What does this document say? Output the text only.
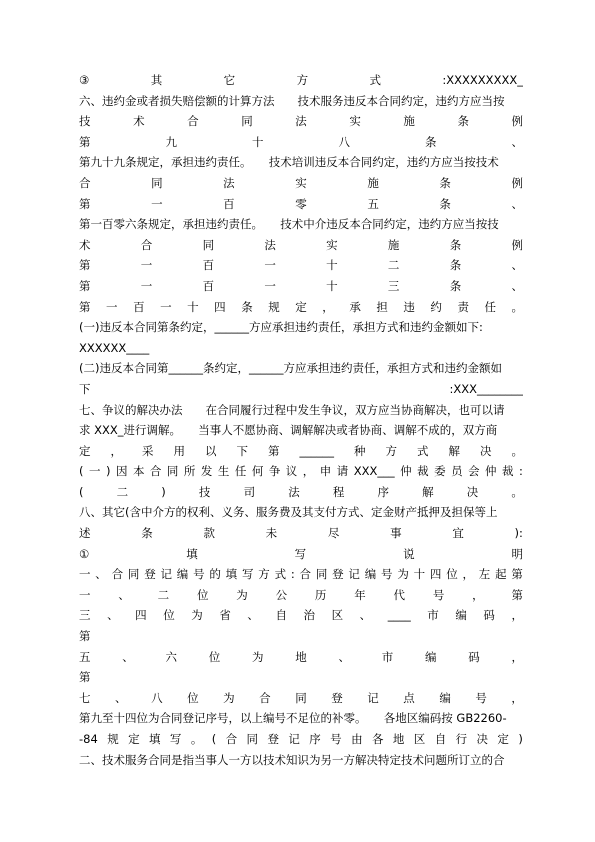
③	其	它	方	式	:XXXXXXXXX_
六、违约金或者损失赔偿额的计算方法　　技术服务违反本合同约定，违约方应当按
技	术	合	同	法	实	施	条	例
第	九	十	八	条	、
第九十九条规定，承担违约责任。　　技术培训违反本合同约定，违约方应当按技术
合	同	法	实	施	条	例
第	一	百	零	五	条	、
第一百零六条规定，承担违约责任。　　技术中介违反本合同约定，违约方应当按技
术	合	同	法	实	施	条	例
第	一	百	一	十	二	条	、
第	一	百	一	十	三	条	、
第 一 百 一 十 四 条 规 定 ， 承 担 违 约 责 任 。
(一)违反本合同第条约定，______方应承担违约责任，承担方式和违约金额如下:
XXXXXX____
(二)违反本合同第______条约定，______方应承担违约责任，承担方式和违约金额如
下	:XXX________
七、争议的解决办法　　在合同履行过程中发生争议，双方应当协商解决，也可以请
求 XXX_进行调解。　　当事人不愿协商、调解解决或者协商、调解不成的，双方商
定 ， 采 用 以 下 第 ______ 种 方 式 解 决 。
( 一 ) 因 本 合 同 所 发 生 任 何 争 议 ， 申 请 XXX___ 仲 裁 委 员 会 仲 裁 :
(	二	)	技	司	法	程	序	解	决	。
八、其它(含中介方的权利、义务、服务费及其支付方式、定金财产抵押及担保等上
述	条	款	未	尽	事	宜	):
①	填	写	说	明
一 、 合 同 登 记 编 号 的 填 写 方 式 : 合 同 登 记 编 号 为 十 四 位 ， 左 起 第
一 、 二 位 为 公 历 年 代 号 ， 第
三 、 四 位 为 省 、 自 治 区 、 ____ 市 编 码 ，
第
五	、	六	位	为	地	、	市	编	码	，
第
七 、 八 位 为 合 同 登 记 点 编 号 ，
第九至十四位为合同登记序号，以上编号不足位的补零。　　各地区编码按 GB2260-
-84 规 定 填 写 。 ( 合 同 登 记 序 号 由 各 地 区 自 行 决 定 )
二、技术服务合同是指当事人一方以技术知识为另一方解决特定技术问题所订立的合
